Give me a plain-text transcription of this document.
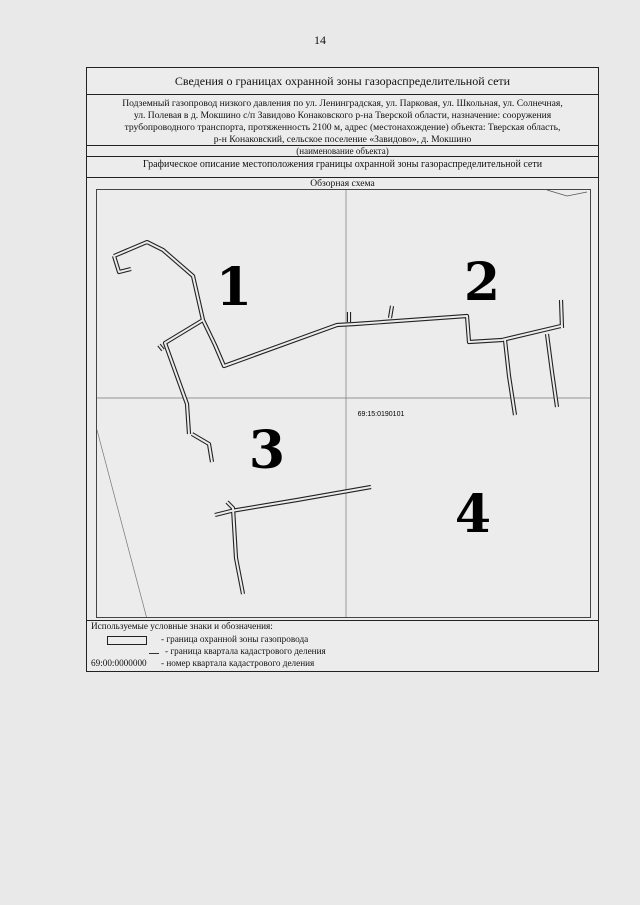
14
Сведения о границах охранной зоны газораспределительной сети
Подземный газопровод низкого давления по ул. Ленинградская, ул. Парковая, ул. Школьная, ул. Солнечная,
ул. Полевая в д. Мокшино с/п Завидово Конаковского р-на Тверской области, назначение: сооружения
трубопроводного транспорта, протяженность 2100 м, адрес (местонахождение) объекта: Тверская область,
р-н Конаковский, сельское поселение «Завидово», д. Мокшино
(наименование объекта)
Графическое описание местоположения границы охранной зоны газораспределительной сети
Обзорная схема
1	2
3
4
69:15:0190101
Используемые условные знаки и обозначения:
- граница охранной зоны газопровода
- граница квартала кадастрового деления
69:00:0000000 - номер квартала кадастрового деления
